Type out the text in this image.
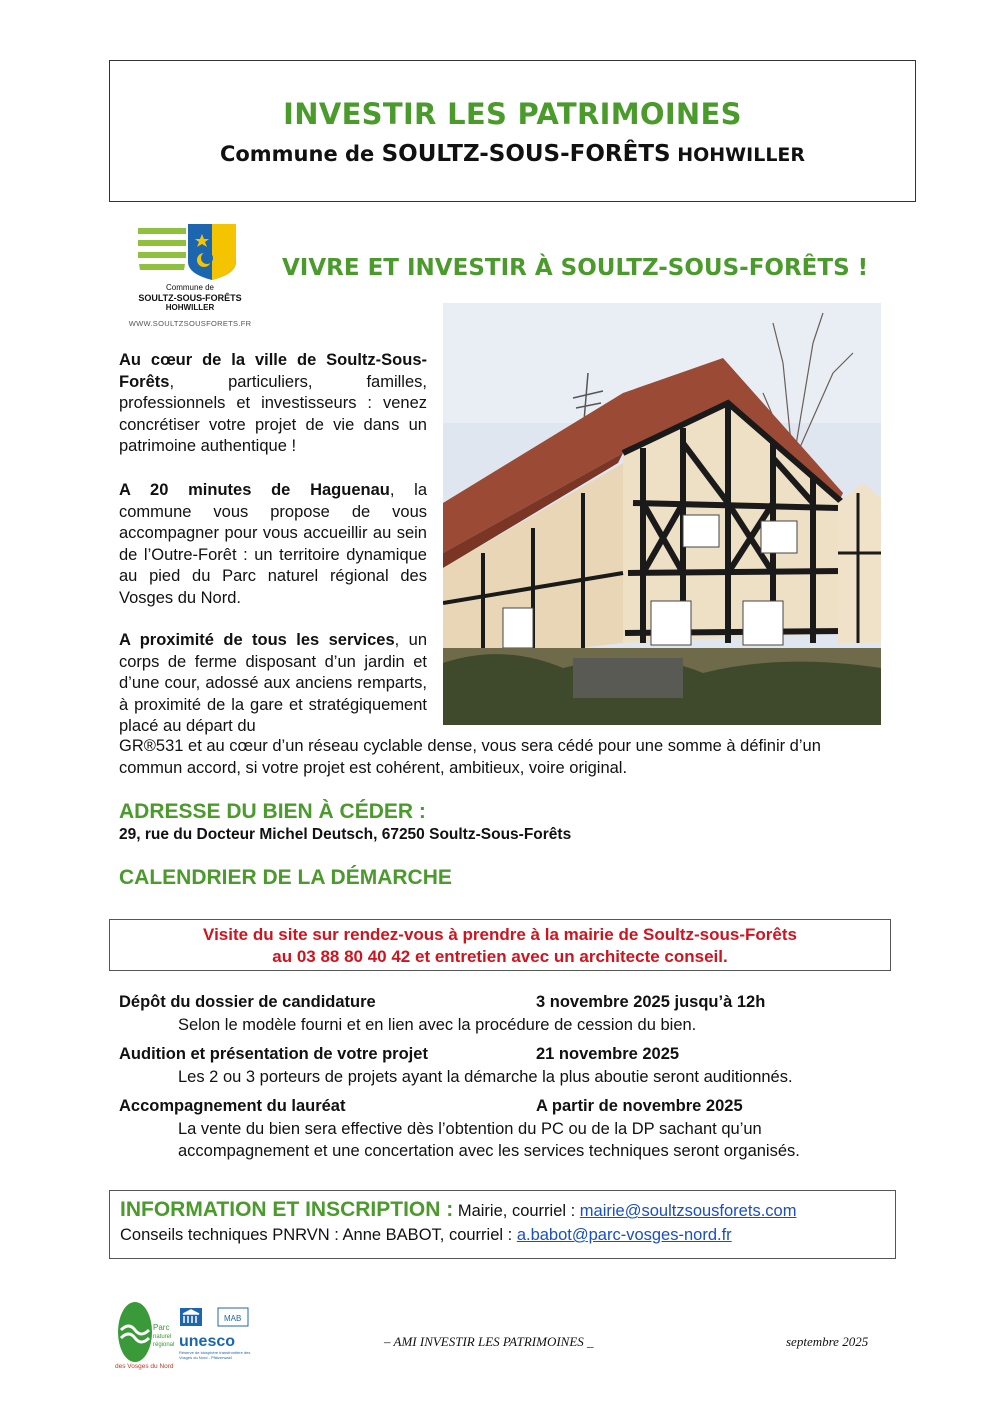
INVESTIR LES PATRIMOINES
Commune de SOULTZ-SOUS-FORÊTS HOHWILLER
Commune de
SOULTZ-SOUS-FORÊTS
HOHWILLER
WWW.SOULTZSOUSFORETS.FR
VIVRE ET INVESTIR À SOULTZ-SOUS-FORÊTS !
Au cœur de la ville de Soultz-Sous-Forêts, particuliers, familles, professionnels et investisseurs : venez concrétiser votre projet de vie dans un patrimoine authentique !
A 20 minutes de Haguenau, la commune vous propose de vous accompagner pour vous accueillir au sein de l’Outre-Forêt : un territoire dynamique au pied du Parc naturel régional des Vosges du Nord.
A proximité de tous les services, un corps de ferme disposant d’un jardin et d’une cour, adossé aux anciens remparts, à proximité de la gare et stratégiquement placé au départ du
GR®531 et au cœur d’un réseau cyclable dense, vous sera cédé pour une somme à définir d’un commun accord, si votre projet est cohérent, ambitieux, voire original.
ADRESSE DU BIEN À CÉDER :
29, rue du Docteur Michel Deutsch, 67250 Soultz-Sous-Forêts
CALENDRIER DE LA DÉMARCHE
Visite du site sur rendez-vous à prendre à la mairie de Soultz-sous-Forêts
au 03 88 80 40 42 et entretien avec un architecte conseil.
Dépôt du dossier de candidature	3 novembre 2025 jusqu’à 12h
Selon le modèle fourni et en lien avec la procédure de cession du bien.
Audition et présentation de votre projet	21 novembre 2025
Les 2 ou 3 porteurs de projets ayant la démarche la plus aboutie seront auditionnés.
Accompagnement du lauréat	A partir de novembre 2025
La vente du bien sera effective dès l’obtention du PC ou de la DP sachant qu’un accompagnement et une concertation avec les services techniques seront organisés.
INFORMATION ET INSCRIPTION : Mairie, courriel : mairie@soultzsousforets.com
Conseils techniques PNRVN : Anne BABOT, courriel : a.babot@parc-vosges-nord.fr
Parc
naturel
régional
des Vosges du Nord
MAB
unesco
Réserve de biosphère transfrontière des Vosges du Nord - Pfälzerwald
– AMI INVESTIR LES PATRIMOINES _	septembre 2025
